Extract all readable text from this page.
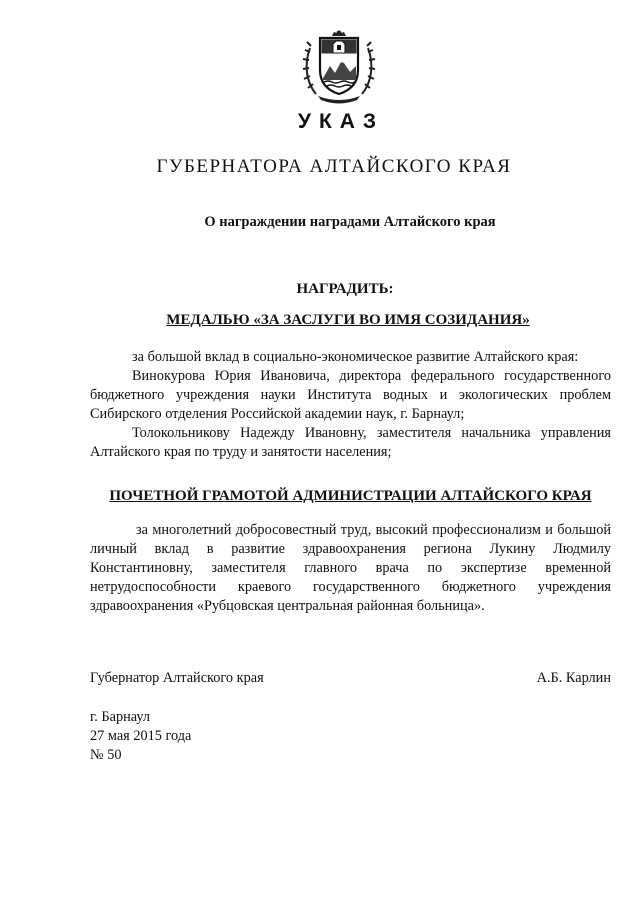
УКАЗ
ГУБЕРНАТОРА АЛТАЙСКОГО КРАЯ
О награждении наградами Алтайского края
НАГРАДИТЬ:
МЕДАЛЬЮ «ЗА ЗАСЛУГИ ВО ИМЯ СОЗИДАНИЯ»

за большой вклад в социально-экономическое развитие Алтайского края:

Винокурова Юрия Ивановича, директора федерального государственного бюджетного учреждения науки Института водных и экологических проблем Сибирского отделения Российской академии наук, г. Барнаул;

Толокольникову Надежду Ивановну, заместителя начальника управления Алтайского края по труду и занятости населения;

ПОЧЕТНОЙ ГРАМОТОЙ АДМИНИСТРАЦИИ АЛТАЙСКОГО КРАЯ

за многолетний добросовестный труд, высокий профессионализм и большой личный вклад в развитие здравоохранения региона Лукину Людмилу Константиновну, заместителя главного врача по экспертизе временной нетрудоспособности краевого государственного бюджетного учреждения здравоохранения «Рубцовская центральная районная больница».

Губернатор Алтайского края	А.Б. Карлин
г. Барнаул
27 мая 2015 года
№ 50
